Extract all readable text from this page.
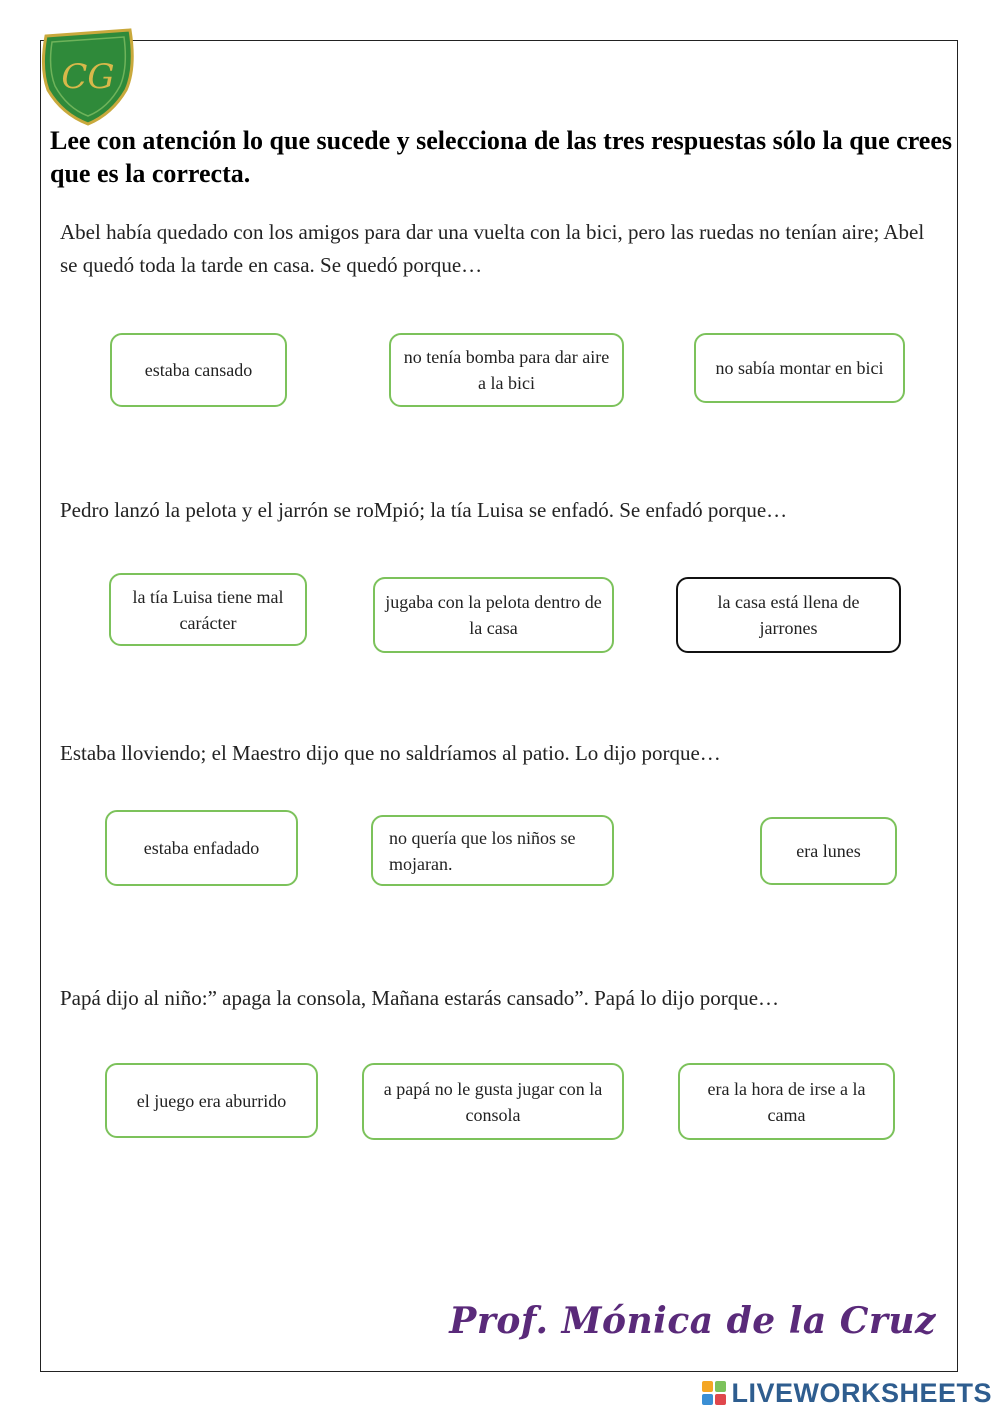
CG

Lee con atención lo que sucede y selecciona de las tres respuestas sólo la que crees que es la correcta.

Abel había quedado con los amigos para dar una vuelta con la bici, pero las ruedas no tenían aire; Abel se quedó toda la tarde en casa. Se quedó porque…

estaba cansado
no tenía bomba para dar aire a la bici
no sabía montar en bici

Pedro lanzó la pelota y el jarrón se roMpió; la tía Luisa se enfadó. Se enfadó porque…

la tía Luisa tiene mal carácter
jugaba con la pelota dentro de la casa
la casa está llena de jarrones

Estaba lloviendo; el Maestro dijo que no saldríamos al patio. Lo dijo porque…

estaba enfadado
no quería que los niños se mojaran.
era lunes

Papá dijo al niño:” apaga la consola, Mañana estarás cansado”. Papá lo dijo porque…

el juego era aburrido
a papá no le gusta jugar con la consola
era la hora de irse a la cama
Prof. Mónica de la Cruz
LIVEWORKSHEETS
